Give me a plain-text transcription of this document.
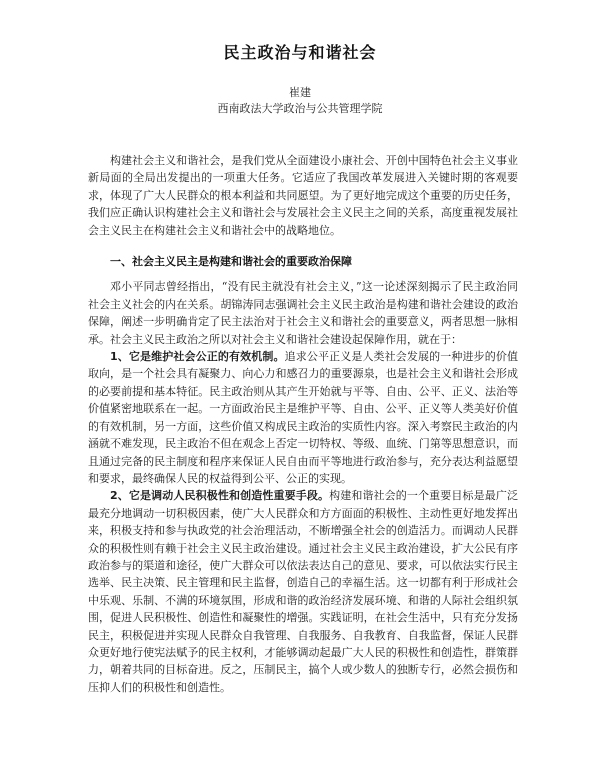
民主政治与和谐社会
崔建
西南政法大学政治与公共管理学院

构建社会主义和谐社会，是我们党从全面建设小康社会、开创中国特色社会主义事业新局面的全局出发提出的一项重大任务。它适应了我国改革发展进入关键时期的客观要求，体现了广大人民群众的根本利益和共同愿望。为了更好地完成这个重要的历史任务，我们应正确认识构建社会主义和谐社会与发展社会主义民主之间的关系，高度重视发展社会主义民主在构建社会主义和谐社会中的战略地位。

一、社会主义民主是构建和谐社会的重要政治保障

邓小平同志曾经指出，“没有民主就没有社会主义，”这一论述深刻揭示了民主政治同社会主义社会的内在关系。胡锦涛同志强调社会主义民主政治是构建和谐社会建设的政治保障，阐述一步明确肯定了民主法治对于社会主义和谐社会的重要意义，两者思想一脉相承。社会主义民主政治之所以对社会主义和谐社会建设起保障作用，就在于：

1、它是维护社会公正的有效机制。追求公平正义是人类社会发展的一种进步的价值取向，是一个社会具有凝聚力、向心力和感召力的重要源泉，也是社会主义和谐社会形成的必要前提和基本特征。民主政治则从其产生开始就与平等、自由、公平、正义、法治等价值紧密地联系在一起。一方面政治民主是维护平等、自由、公平、正义等人类美好价值的有效机制，另一方面，这些价值又构成民主政治的实质性内容。深入考察民主政治的内涵就不难发现，民主政治不但在观念上否定一切特权、等级、血统、门第等思想意识，而且通过完备的民主制度和程序来保证人民自由而平等地进行政治参与，充分表达利益愿望和要求，最终确保人民的权益得到公平、公正的实现。

2、它是调动人民积极性和创造性重要手段。构建和谐社会的一个重要目标是最广泛最充分地调动一切积极因素，使广大人民群众和方方面面的积极性、主动性更好地发挥出来，积极支持和参与执政党的社会治理活动，不断增强全社会的创造活力。而调动人民群众的积极性则有赖于社会主义民主政治建设。通过社会主义民主政治建设，扩大公民有序政治参与的渠道和途径，使广大群众可以依法表达自己的意见、要求，可以依法实行民主选举、民主决策、民主管理和民主监督，创造自己的幸福生活。这一切都有利于形成社会中乐观、乐制、不满的环境氛围，形成和谐的政治经济发展环境、和谐的人际社会组织氛围，促进人民积极性、创造性和凝聚性的增强。实践证明，在社会生活中，只有充分发扬民主，积极促进并实现人民群众自我管理、自我服务、自我教育、自我监督，保证人民群众更好地行使宪法赋予的民主权利，才能够调动起最广大人民的积极性和创造性，群策群力，朝着共同的目标奋进。反之，压制民主，搞个人或少数人的独断专行，必然会损伤和压抑人们的积极性和创造性。
